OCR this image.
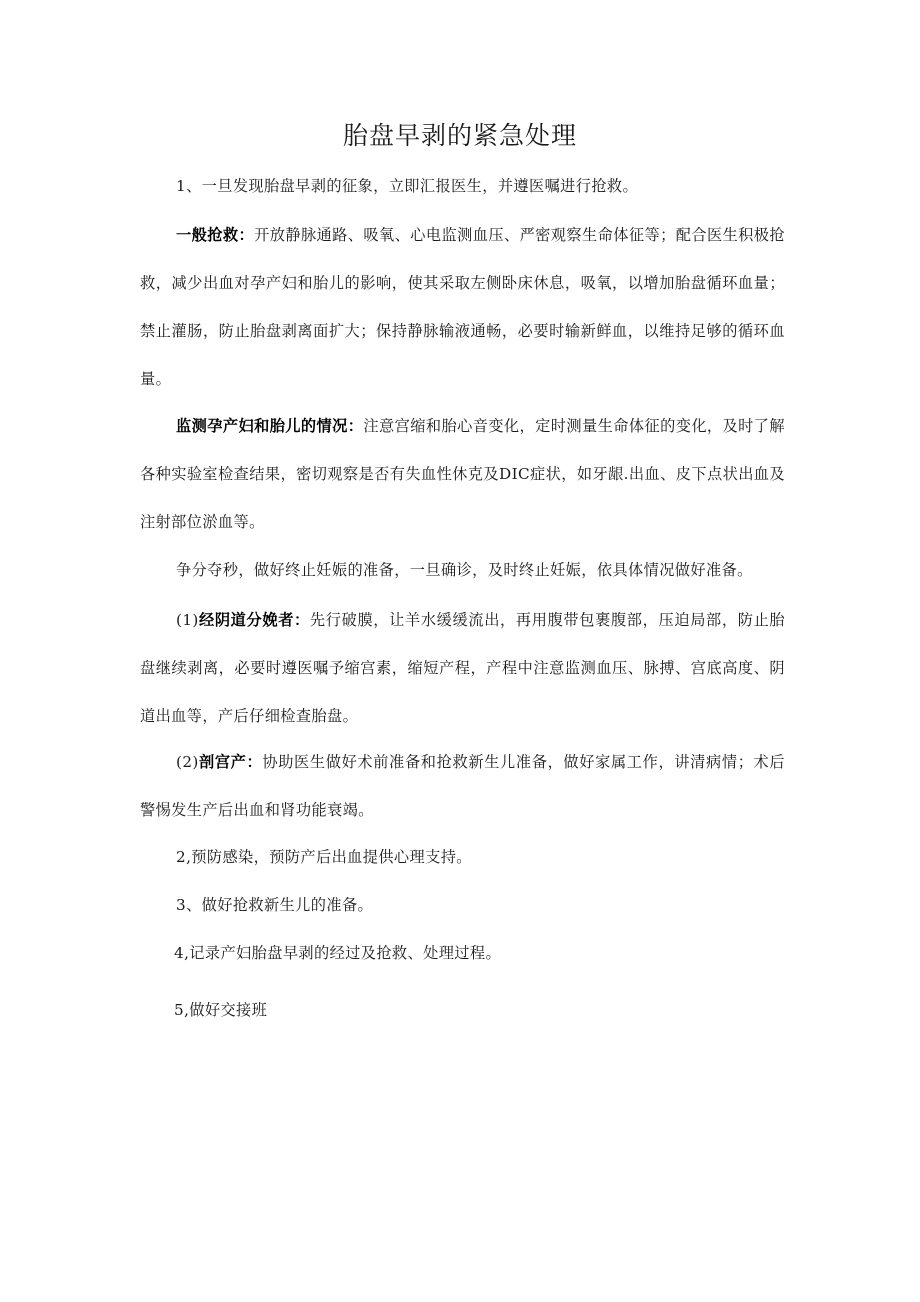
胎盘早剥的紧急处理

1、一旦发现胎盘早剥的征象，立即汇报医生，并遵医嘱进行抢救。

一般抢救：开放静脉通路、吸氧、心电监测血压、严密观察生命体征等；配合医生积极抢救，减少出血对孕产妇和胎儿的影响，使其采取左侧卧床休息，吸氧，以增加胎盘循环血量；禁止灌肠，防止胎盘剥离面扩大；保持静脉输液通畅，必要时输新鲜血，以维持足够的循环血量。

监测孕产妇和胎儿的情况：注意宫缩和胎心音变化，定时测量生命体征的变化，及时了解各种实验室检查结果，密切观察是否有失血性休克及DIC症状，如牙龈.出血、皮下点状出血及注射部位淤血等。

争分夺秒，做好终止妊娠的准备，一旦确诊，及时终止妊娠，依具体情况做好准备。

(1)经阴道分娩者：先行破膜，让羊水缓缓流出，再用腹带包裹腹部，压迫局部，防止胎盘继续剥离，必要时遵医嘱予缩宫素，缩短产程，产程中注意监测血压、脉搏、宫底高度、阴道出血等，产后仔细检查胎盘。

(2)剖宫产：协助医生做好术前准备和抢救新生儿准备，做好家属工作，讲清病情；术后警惕发生产后出血和肾功能衰竭。

2,预防感染，预防产后出血提供心理支持。

3、做好抢救新生儿的准备。

4,记录产妇胎盘早剥的经过及抢救、处理过程。

5,做好交接班
